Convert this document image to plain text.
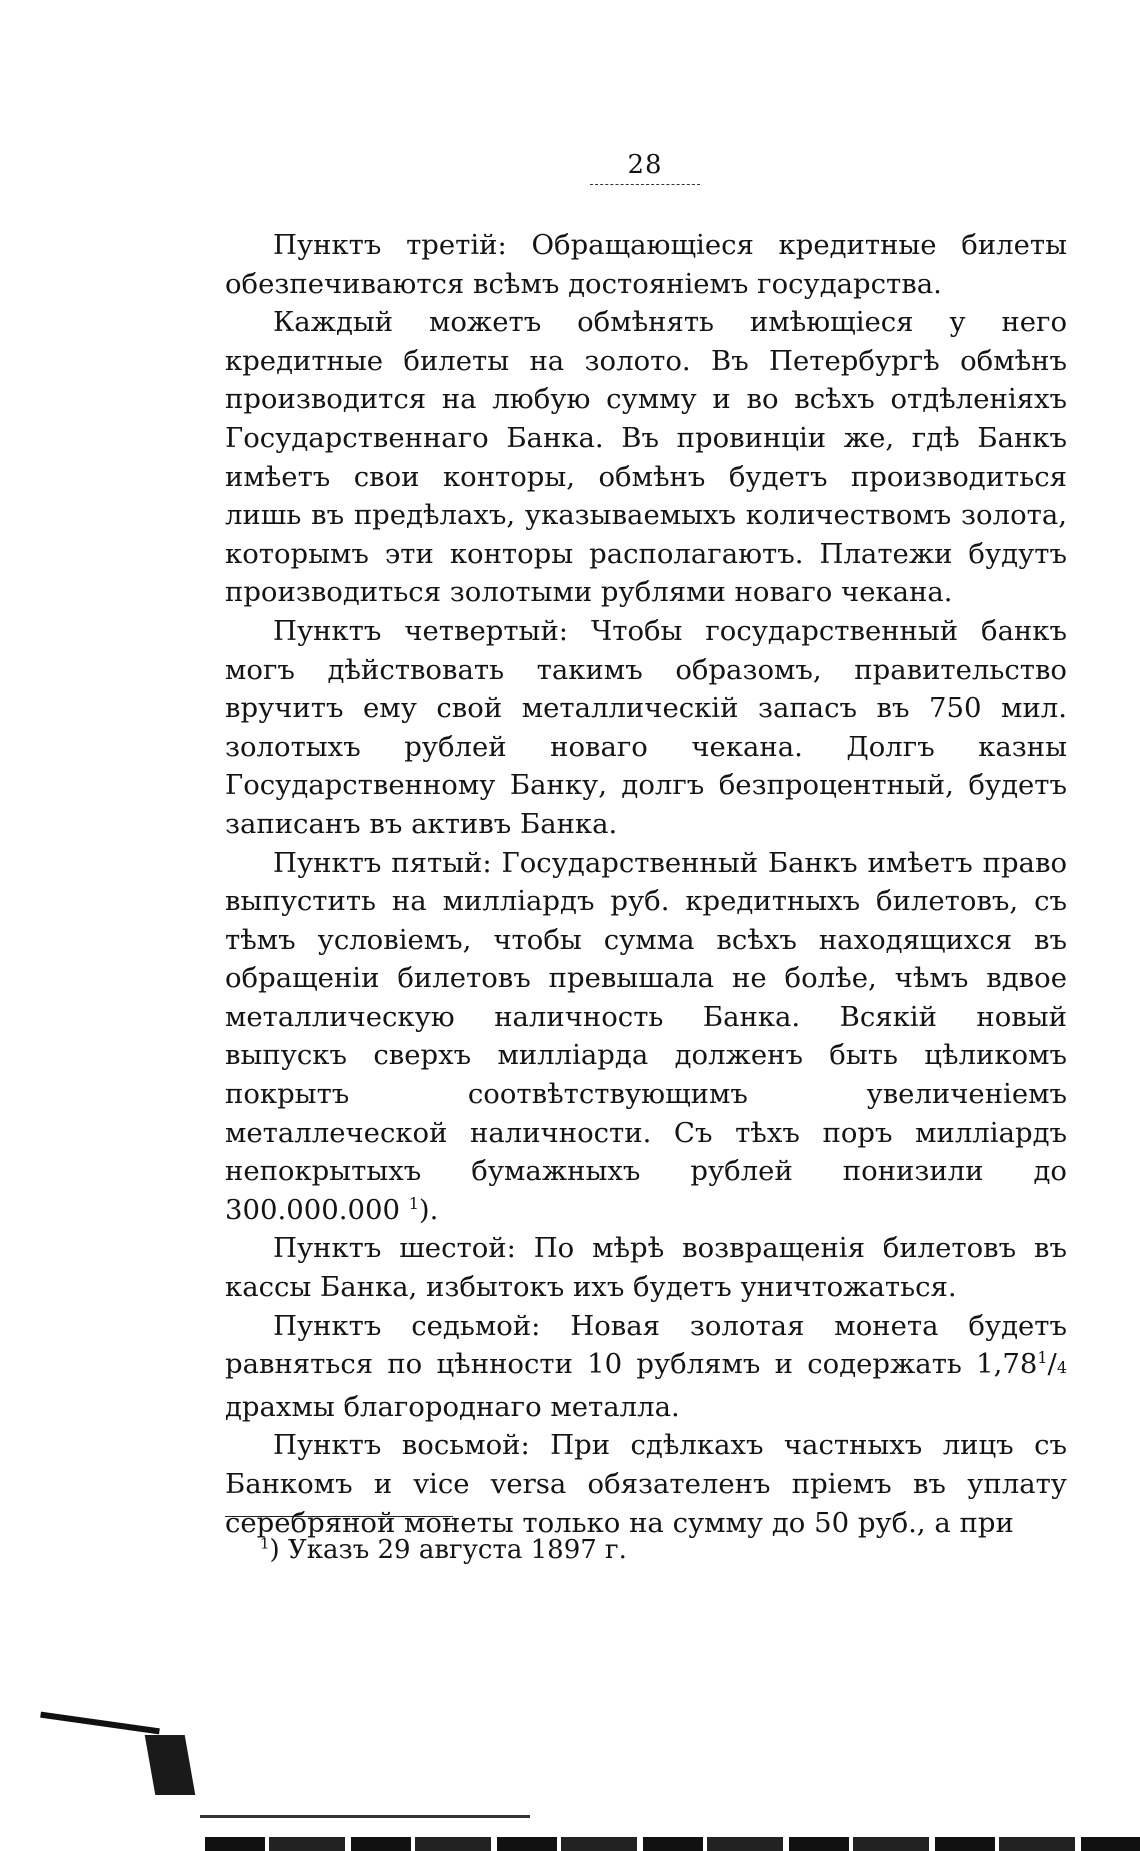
28

Пунктъ третій: Обращающіеся кредитные билеты обезпечиваются всѣмъ достояніемъ государства.

Каждый можетъ обмѣнять имѣющіеся у него кредитные билеты на золото. Въ Петербургѣ обмѣнъ производится на любую сумму и во всѣхъ отдѣленіяхъ Государственнаго Банка. Въ провинціи же, гдѣ Банкъ имѣетъ свои конторы, обмѣнъ будетъ производиться лишь въ предѣлахъ, указываемыхъ количествомъ золота, которымъ эти конторы располагаютъ. Платежи будутъ производиться золотыми рублями новаго чекана.

Пунктъ четвертый: Чтобы государственный банкъ могъ дѣйствовать такимъ образомъ, правительство вручитъ ему свой металлическій запасъ въ 750 мил. золотыхъ рублей новаго чекана. Долгъ казны Государственному Банку, долгъ безпроцентный, будетъ записанъ въ активъ Банка.

Пунктъ пятый: Государственный Банкъ имѣетъ право выпустить на милліардъ руб. кредитныхъ билетовъ, съ тѣмъ условіемъ, чтобы сумма всѣхъ находящихся въ обращеніи билетовъ превышала не болѣе, чѣмъ вдвое металлическую наличность Банка. Всякій новый выпускъ сверхъ милліарда долженъ быть цѣликомъ покрытъ соотвѣтствующимъ увеличеніемъ металлеческой наличности. Съ тѣхъ поръ милліардъ непокрытыхъ бумажныхъ рублей понизили до 300.000.000 $^1$).

Пунктъ шестой: По мѣрѣ возвращенія билетовъ въ кассы Банка, избытокъ ихъ будетъ уничтожаться.

Пунктъ седьмой: Новая золотая монета будетъ равняться по цѣнности 10 рублямъ и содержать 1,78$^1$/4 драхмы благороднаго металла.

Пунктъ восьмой: При сдѣлкахъ частныхъ лицъ съ Банкомъ и vice versa обязателенъ пріемъ въ уплату серебряной монеты только на сумму до 50 руб., а при

$^1$) Указъ 29 августа 1897 г.
